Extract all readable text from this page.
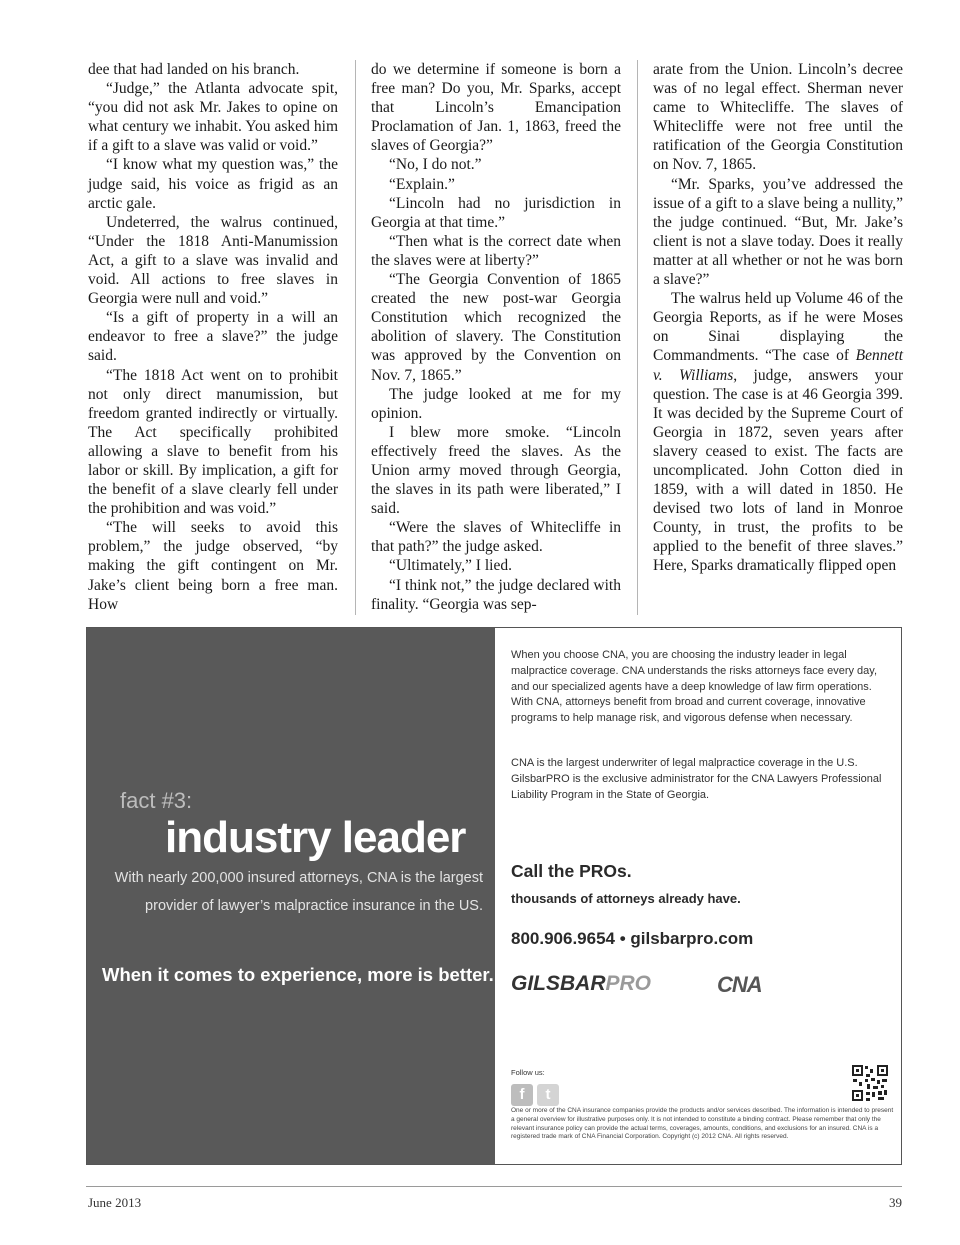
dee that had landed on his branch.

“Judge,” the Atlanta advocate spit, “you did not ask Mr. Jakes to opine on what century we inhabit. You asked him if a gift to a slave was valid or void.”

“I know what my question was,” the judge said, his voice as frigid as an arctic gale.

Undeterred, the walrus continued, “Under the 1818 Anti-Manumission Act, a gift to a slave was invalid and void. All actions to free slaves in Georgia were null and void.”

“Is a gift of property in a will an endeavor to free a slave?” the judge said.

“The 1818 Act went on to prohibit not only direct manumission, but freedom granted indirectly or virtually. The Act specifically prohibited allowing a slave to benefit from his labor or skill. By implication, a gift for the benefit of a slave clearly fell under the prohibition and was void.”

“The will seeks to avoid this problem,” the judge observed, “by making the gift contingent on Mr. Jake’s client being born a free man. How

do we determine if someone is born a free man? Do you, Mr. Sparks, accept that Lincoln’s Emancipation Proclamation of Jan. 1, 1863, freed the slaves of Georgia?”

“No, I do not.”

“Explain.”

“Lincoln had no jurisdiction in Georgia at that time.”

“Then what is the correct date when the slaves were at liberty?”

“The Georgia Convention of 1865 created the new post-war Georgia Constitution which recognized the abolition of slavery. The Constitution was approved by the Convention on Nov. 7, 1865.”

The judge looked at me for my opinion.

I blew more smoke. “Lincoln effectively freed the slaves. As the Union army moved through Georgia, the slaves in its path were liberated,” I said.

“Were the slaves of Whitecliffe in that path?” the judge asked.

“Ultimately,” I lied.

“I think not,” the judge declared with finality. “Georgia was sep-

arate from the Union. Lincoln’s decree was of no legal effect. Sherman never came to Whitecliffe. The slaves of Whitecliffe were not free until the ratification of the Georgia Constitution on Nov. 7, 1865.

“Mr. Sparks, you’ve addressed the issue of a gift to a slave being a nullity,” the judge continued. “But, Mr. Jake’s client is not a slave today. Does it really matter at all whether or not he was born a slave?”

The walrus held up Volume 46 of the Georgia Reports, as if he were Moses on Sinai displaying the Commandments. “The case of Bennett v. Williams, judge, answers your question. The case is at 46 Georgia 399. It was decided by the Supreme Court of Georgia in 1872, seven years after slavery ceased to exist. The facts are uncomplicated. John Cotton died in 1859, with a will dated in 1850. He devised two lots of land in Monroe County, in trust, the profits to be applied to the benefit of three slaves.” Here, Sparks dramatically flipped open

fact #3:
industry leader
With nearly 200,000 insured attorneys, CNA is the largest
provider of lawyer’s malpractice insurance in the US.
When it comes to experience, more is better.

When you choose CNA, you are choosing the industry leader in legal malpractice coverage. CNA understands the risks attorneys face every day, and our specialized agents have a deep knowledge of law firm operations. With CNA, attorneys benefit from broad and current coverage, innovative programs to help manage risk, and vigorous defense when necessary.

CNA is the largest underwriter of legal malpractice coverage in the U.S. GilsbarPRO is the exclusive administrator for the CNA Lawyers Professional Liability Program in the State of Georgia.

Call the PROs.
thousands of attorneys already have.
800.906.9654 • gilsbarpro.com
GILSBARPRO	CNA
Follow us:
f	t

One or more of the CNA insurance companies provide the products and/or services described. The information is intended to present a general overview for illustrative purposes only. It is not intended to constitute a binding contract. Please remember that only the relevant insurance policy can provide the actual terms, coverages, amounts, conditions, and exclusions for an insured. CNA is a registered trade mark of CNA Financial Corporation. Copyright (c) 2012 CNA. All rights reserved.

June 2013	39
